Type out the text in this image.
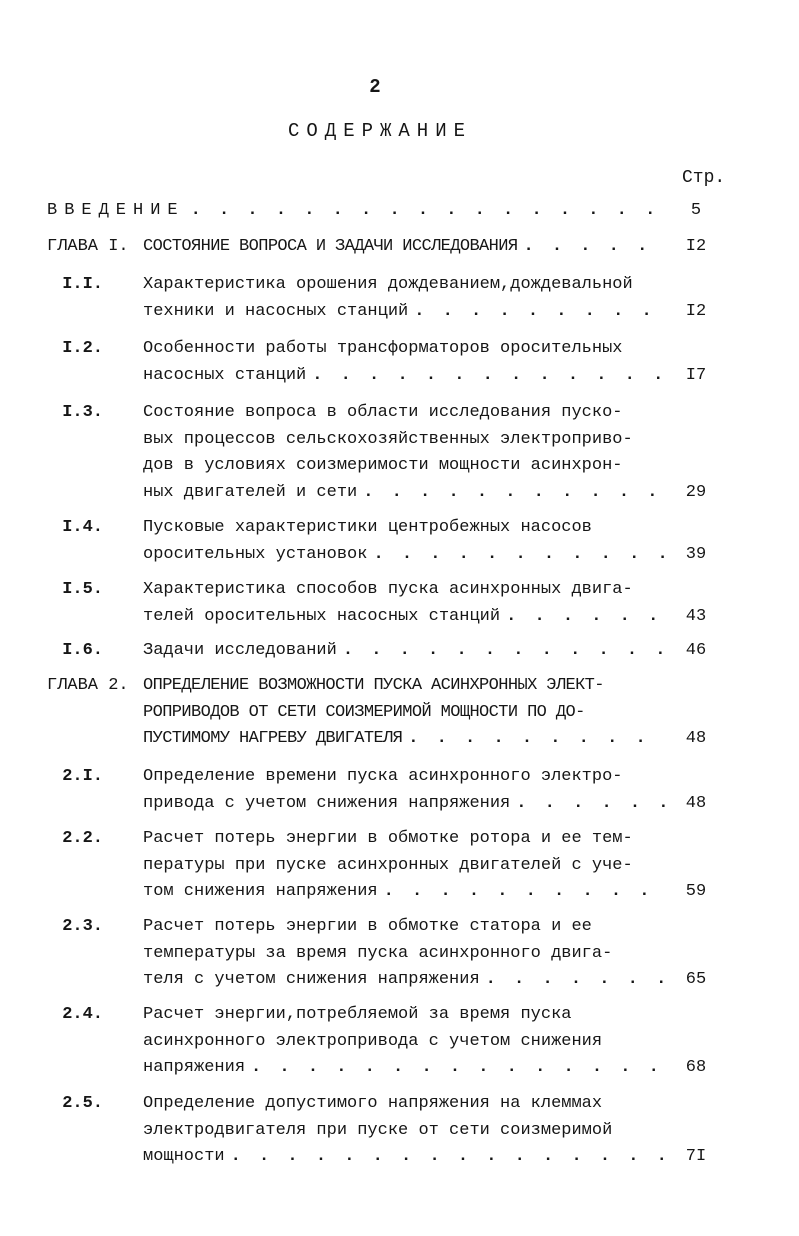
2
СОДЕРЖАНИЕ
Стр.
ВВЕДЕНИЕ . . .	5
ГЛАВА I. СОСТОЯНИЕ ВОПРОСА И ЗАДАЧИ ИССЛЕДОВАНИЯ . . .	I2
I.I. Характеристика орошения дождеванием,дождевальной
техники и насосных станций . . .	I2
I.2. Особенности работы трансформаторов оросительных
насосных станций . . .	I7
I.3. Состояние вопроса в области исследования пуско-
вых процессов сельскохозяйственных электроприво-
дов в условиях соизмеримости мощности асинхрон-
ных двигателей и сети . . .	29
I.4. Пусковые характеристики центробежных насосов
оросительных установок . . .	39
I.5. Характеристика способов пуска асинхронных двига-
телей оросительных насосных станций . . .	43
I.6. Задачи исследований . . .	46
ГЛАВА 2. ОПРЕДЕЛЕНИЕ ВОЗМОЖНОСТИ ПУСКА АСИНХРОННЫХ ЭЛЕКТ-
РОПРИВОДОВ ОТ СЕТИ СОИЗМЕРИМОЙ МОЩНОСТИ ПО ДО-
ПУСТИМОМУ НАГРЕВУ ДВИГАТЕЛЯ . . .	48
2.I. Определение времени пуска асинхронного электро-
привода с учетом снижения напряжения . . .	48
2.2. Расчет потерь энергии в обмотке ротора и ее тем-
пературы при пуске асинхронных двигателей с уче-
том снижения напряжения . . .	59
2.3. Расчет потерь энергии в обмотке статора и ее
температуры за время пуска асинхронного двига-
теля с учетом снижения напряжения . . .	65
2.4. Расчет энергии,потребляемой за время пуска
асинхронного электропривода с учетом снижения
напряжения . . .	68
2.5. Определение допустимого напряжения на клеммах
электродвигателя при пуске от сети соизмеримой
мощности . . .	7I
